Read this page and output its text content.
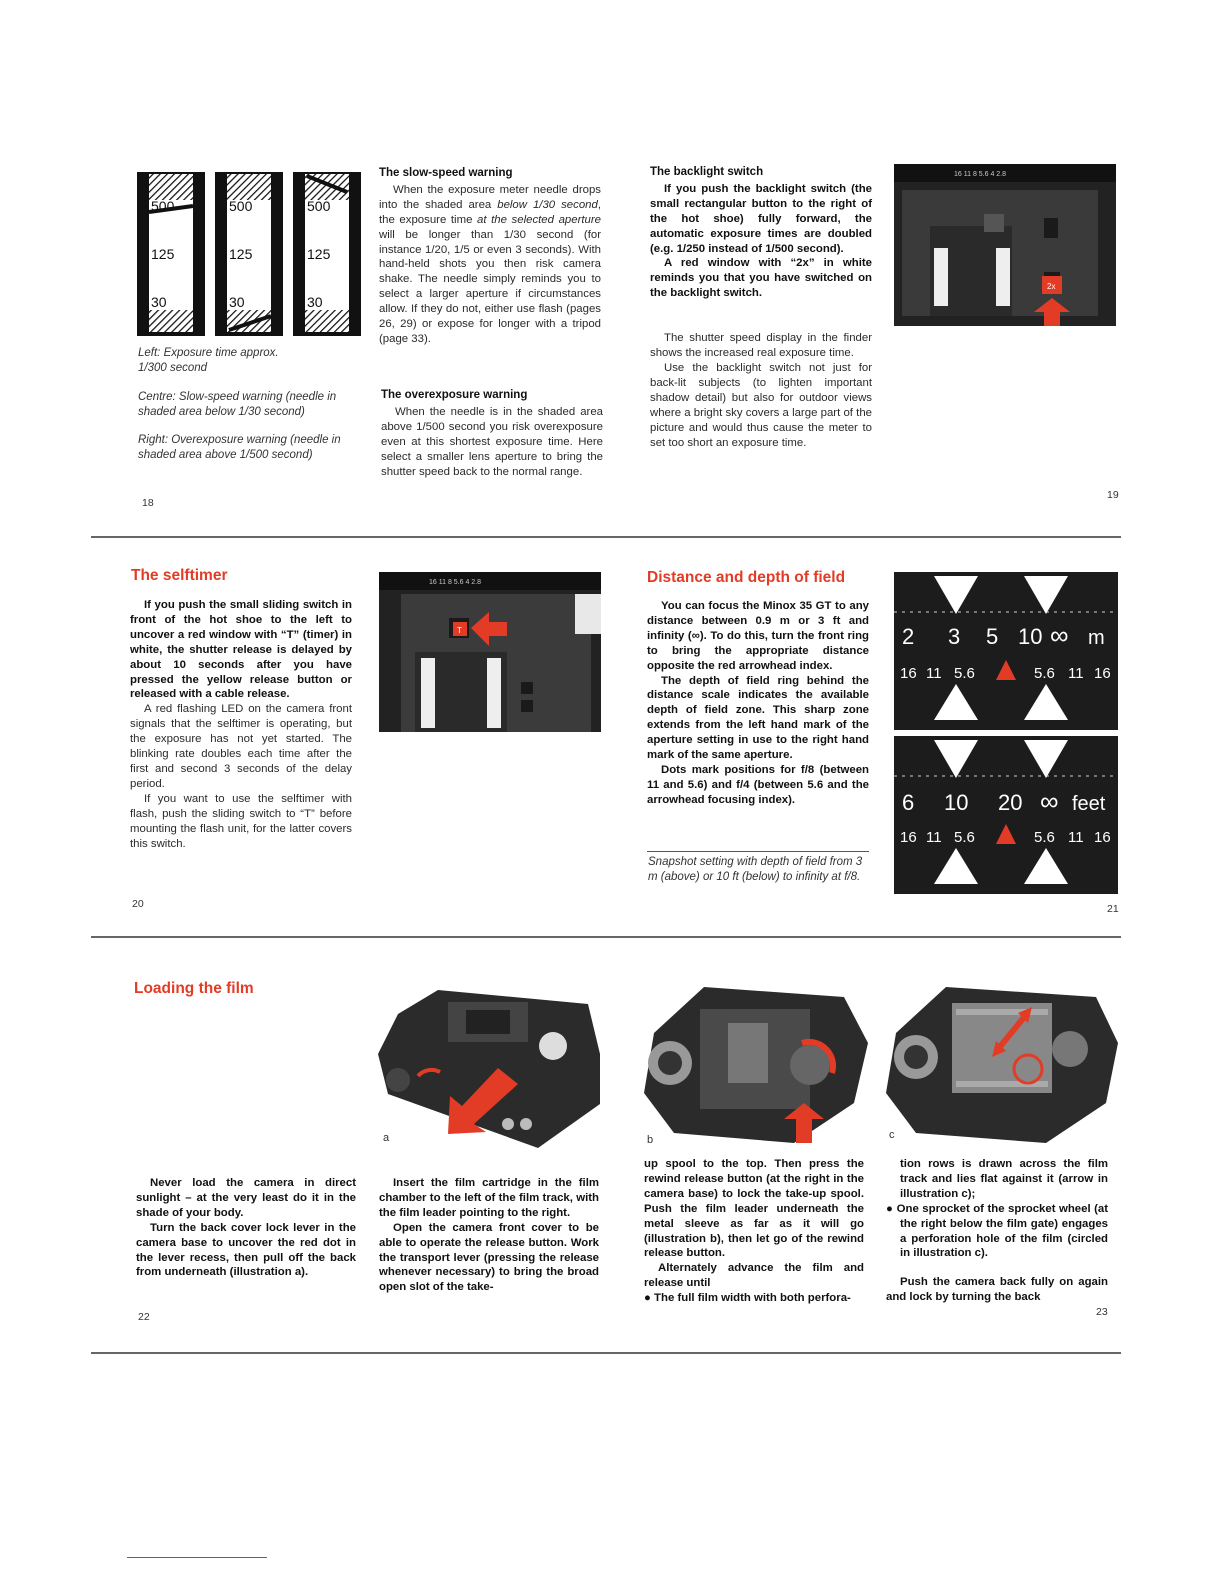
500
125
30
500
125
30
500
125
30
Left: Exposure time approx. 1/300 second
Centre: Slow-speed warning (needle in shaded area below 1/30 second)
Right: Overexposure warning (needle in shaded area above 1/500 second)
18
The slow-speed warning

When the exposure meter needle drops into the shaded area below 1/30 second, the exposure time at the selected aperture will be longer than 1/30 second (for instance 1/20, 1/5 or even 3 seconds). With hand-held shots you then risk camera shake. The needle simply reminds you to select a larger aperture if circumstances allow. If they do not, either use flash (pages 26, 29) or expose for longer with a tripod (page 33).

The overexposure warning

When the needle is in the shaded area above 1/500 second you risk overexposure even at this shortest exposure time. Here select a smaller lens aperture to bring the shutter speed back to the normal range.

The backlight switch

If you push the backlight switch (the small rectangular button to the right of the hot shoe) fully forward, the automatic exposure times are doubled (e.g. 1/250 instead of 1/500 second).

A red window with “2x” in white reminds you that you have switched on the backlight switch.

The shutter speed display in the finder shows the increased real exposure time.

Use the backlight switch not just for back-lit subjects (to lighten important shadow detail) but also for outdoor views where a bright sky covers a large part of the picture and would thus cause the meter to set too short an exposure time.

16 11 8 5.6 4 2.8
2x
19
The selftimer

If you push the small sliding switch in front of the hot shoe to the left to uncover a red window with “T” (timer) in white, the shutter release is delayed by about 10 seconds after you have pressed the yellow release button or released with a cable release.

A red flashing LED on the camera front signals that the selftimer is operating, but the exposure has not yet started. The blinking rate doubles each time after the first and second 3 seconds of the delay period.

If you want to use the selftimer with flash, push the sliding switch to “T” before mounting the flash unit, for the latter covers this switch.

20
16 11 8 5.6 4 2.8
T
Distance and depth of field

You can focus the Minox 35 GT to any distance between 0.9 m or 3 ft and infinity (∞). To do this, turn the front ring to bring the appropriate distance opposite the red arrowhead index.

The depth of field ring behind the distance scale indicates the available depth of field zone. This sharp zone extends from the left hand mark of the aperture setting in use to the right hand mark of the same aperture.

Dots mark positions for f/8 (between 11 and 5.6) and f/4 (between 5.6 and the arrowhead focusing index).

Snapshot setting with depth of field from 3 m (above) or 10 ft (below) to infinity at f/8.
2 3 5 10 ∞ m
16 11 5.6	5.6 11 16
6 10 20 ∞ feet
16 11 5.6	5.6 11 16
21
Loading the film
a

Never load the camera in direct sunlight – at the very least do it in the shade of your body.

Turn the back cover lock lever in the camera base to uncover the red dot in the lever recess, then pull off the back from underneath (illustration a).

22

Insert the film cartridge in the film chamber to the left of the film track, with the film leader pointing to the right.

Open the camera front cover to be able to operate the release button. Work the transport lever (pressing the release whenever necessary) to bring the broad open slot of the take-

b	c

up spool to the top. Then press the rewind release button (at the right in the camera base) to lock the take-up spool. Push the film leader underneath the metal sleeve as far as it will go (illustration b), then let go of the rewind release button.

Alternately advance the film and release until

● The full film width with both perfora-
tion rows is drawn across the film track and lies flat against it (arrow in illustration c);
● One sprocket of the sprocket wheel (at the right below the film gate) engages a perforation hole of the film (circled in illustration c).

Push the camera back fully on again and lock by turning the back

23
